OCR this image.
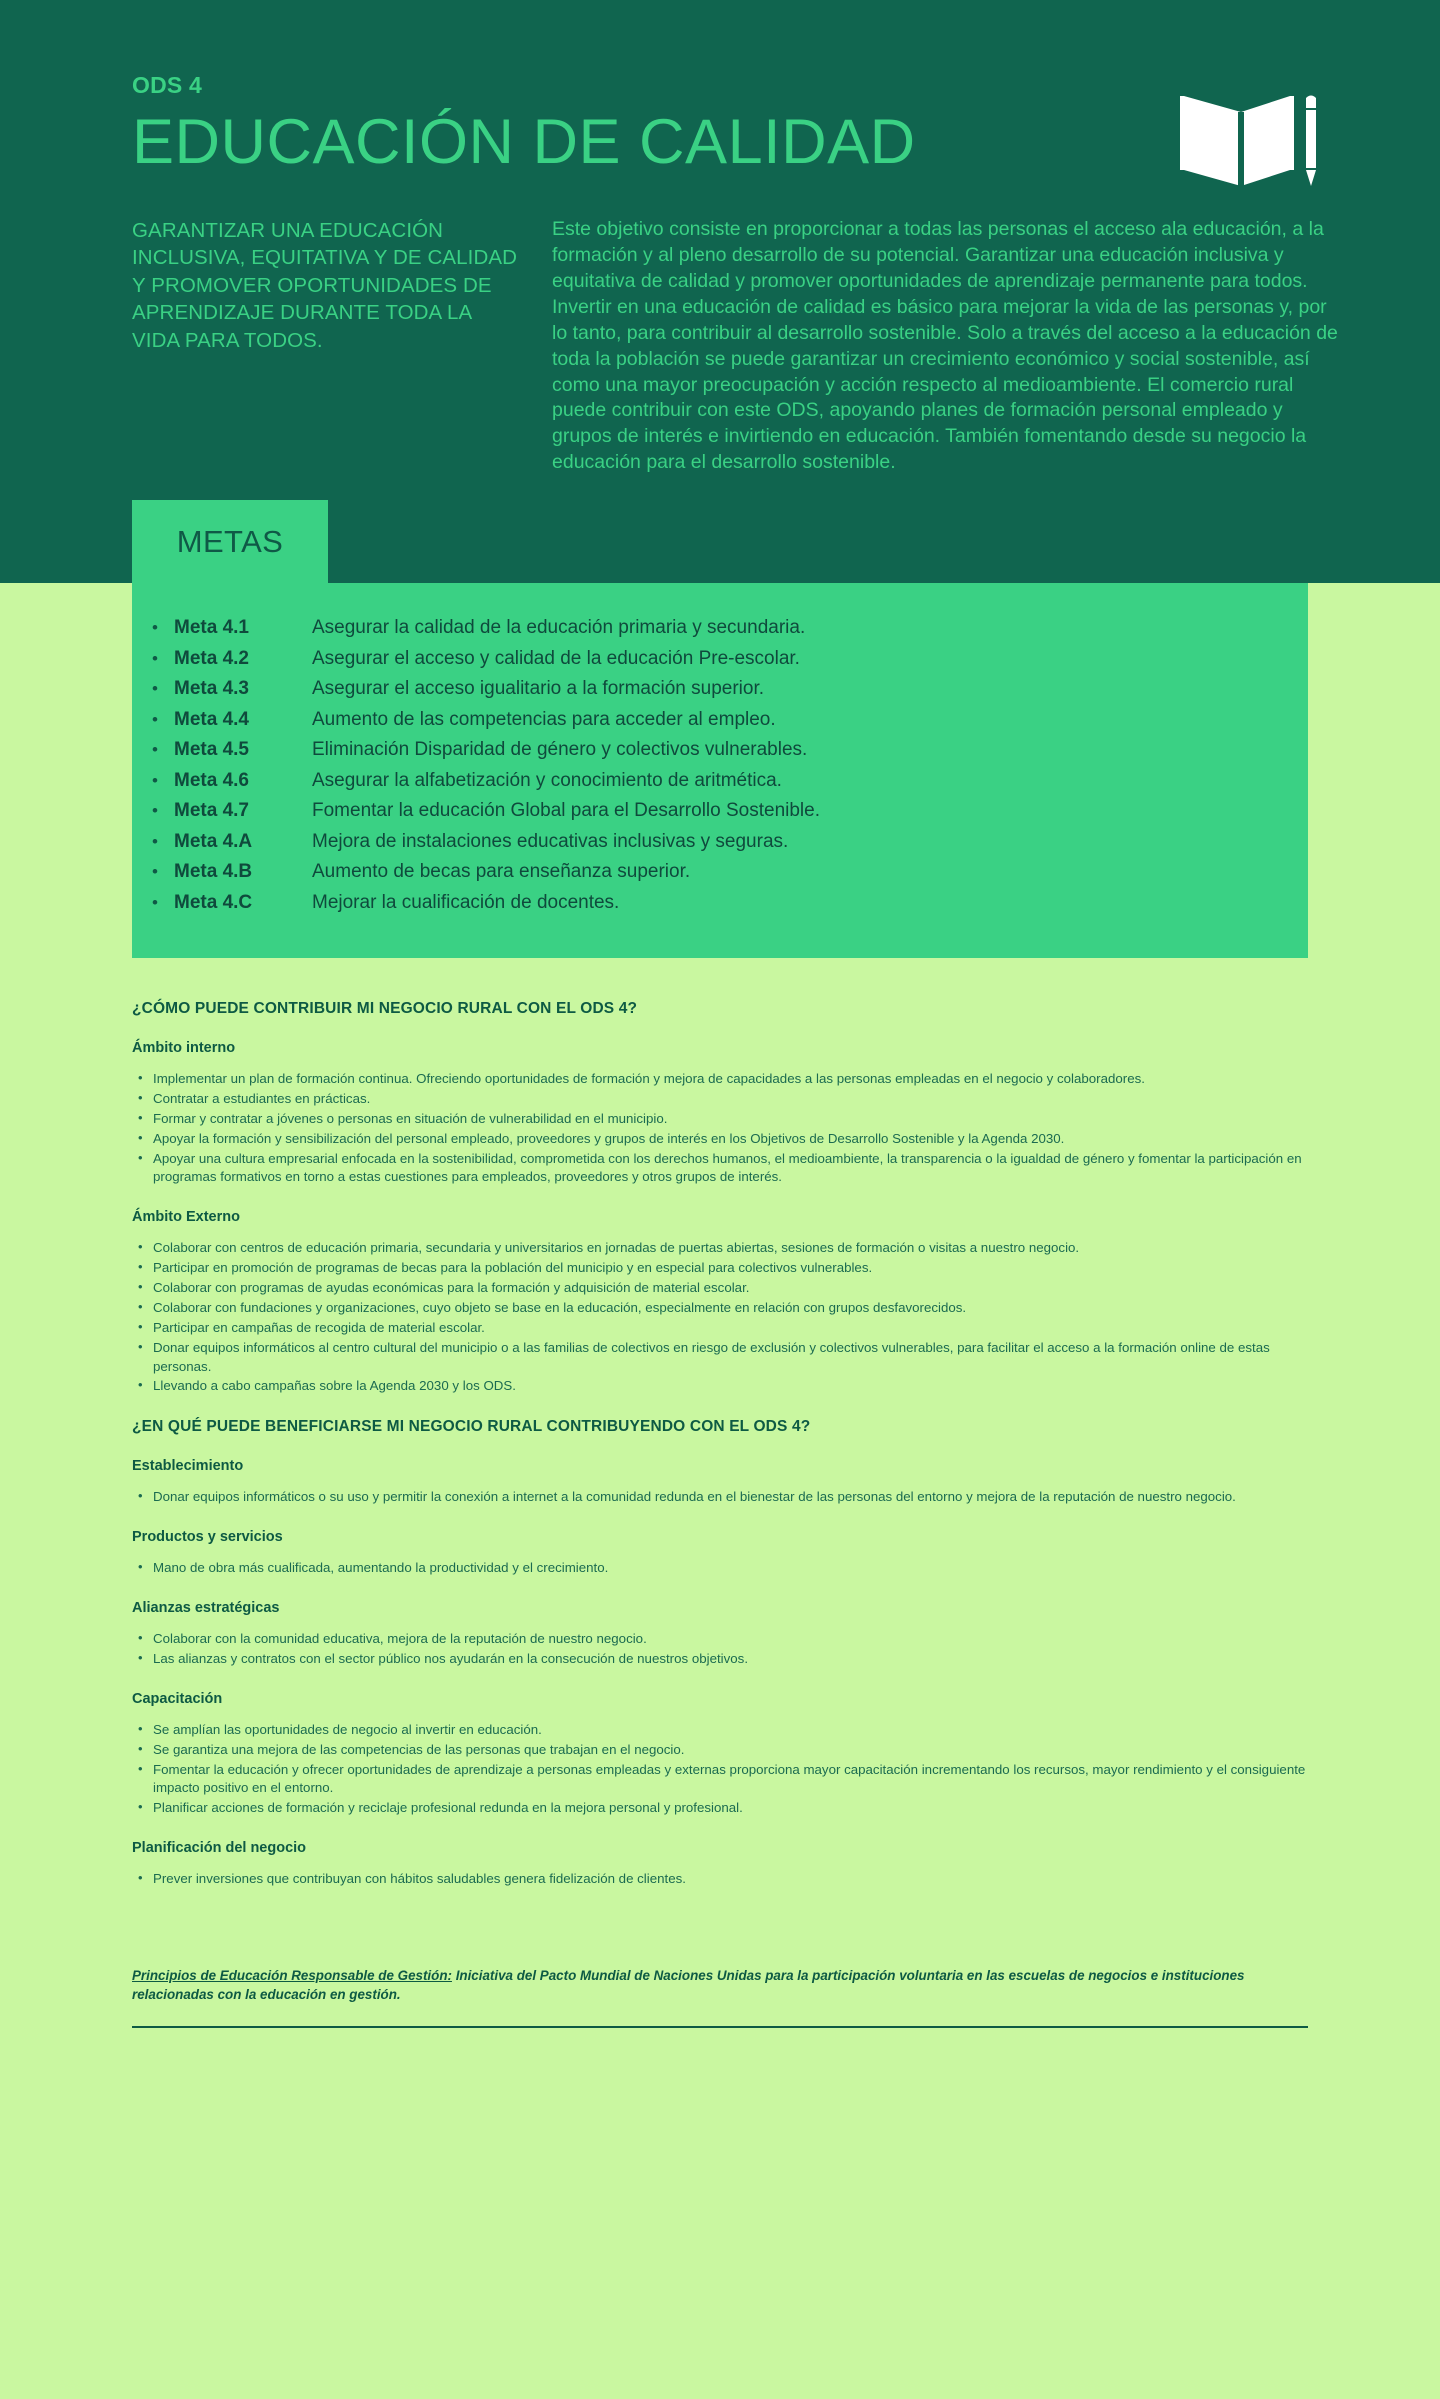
ODS 4
EDUCACIÓN DE CALIDAD

GARANTIZAR UNA EDUCACIÓN INCLUSIVA, EQUITATIVA Y DE CALIDAD Y PROMOVER OPORTUNIDADES DE APRENDIZAJE DURANTE TODA LA VIDA PARA TODOS.

Este objetivo consiste en proporcionar a todas las personas el acceso ala educación, a la formación y al pleno desarrollo de su potencial. Garantizar una educación inclusiva y equitativa de calidad y promover oportunidades de aprendizaje permanente para todos. Invertir en una educación de calidad es básico para mejorar la vida de las personas y, por lo tanto, para contribuir al desarrollo sostenible. Solo a través del acceso a la educación de toda la población se puede garantizar un crecimiento económico y social sostenible, así como una mayor preocupación y acción respecto al medioambiente. El comercio rural puede contribuir con este ODS, apoyando planes de formación personal empleado y grupos de interés e invirtiendo en educación. También fomentando desde su negocio la educación para el desarrollo sostenible.

METAS
• Meta 4.1	Asegurar la calidad de la educación primaria y secundaria.
• Meta 4.2	Asegurar el acceso y calidad de la educación Pre-escolar.
• Meta 4.3	Asegurar el acceso igualitario a la formación superior.
• Meta 4.4	Aumento de las competencias para acceder al empleo.
• Meta 4.5	Eliminación Disparidad de género y colectivos vulnerables.
• Meta 4.6	Asegurar la alfabetización y conocimiento de aritmética.
• Meta 4.7	Fomentar la educación Global para el Desarrollo Sostenible.
• Meta 4.A	Mejora de instalaciones educativas inclusivas y seguras.
• Meta 4.B	Aumento de becas para enseñanza superior.
• Meta 4.C	Mejorar la cualificación de docentes.
¿CÓMO PUEDE CONTRIBUIR MI NEGOCIO RURAL CON EL ODS 4?
Ámbito interno
• Implementar un plan de formación continua. Ofreciendo oportunidades de formación y mejora de capacidades a las personas empleadas en el negocio y colaboradores.
• Contratar a estudiantes en prácticas.
• Formar y contratar a jóvenes o personas en situación de vulnerabilidad en el municipio.
• Apoyar la formación y sensibilización del personal empleado, proveedores y grupos de interés en los Objetivos de Desarrollo Sostenible y la Agenda 2030.
• Apoyar una cultura empresarial enfocada en la sostenibilidad, comprometida con los derechos humanos, el medioambiente, la transparencia o la igualdad de género y fomentar la participación en programas formativos en torno a estas cuestiones para empleados, proveedores y otros grupos de interés.
Ámbito Externo
• Colaborar con centros de educación primaria, secundaria y universitarios en jornadas de puertas abiertas, sesiones de formación o visitas a nuestro negocio.
• Participar en promoción de programas de becas para la población del municipio y en especial para colectivos vulnerables.
• Colaborar con programas de ayudas económicas para la formación y adquisición de material escolar.
• Colaborar con fundaciones y organizaciones, cuyo objeto se base en la educación, especialmente en relación con grupos desfavorecidos.
• Participar en campañas de recogida de material escolar.
• Donar equipos informáticos al centro cultural del municipio o a las familias de colectivos en riesgo de exclusión y colectivos vulnerables, para facilitar el acceso a la formación online de estas personas.
• Llevando a cabo campañas sobre la Agenda 2030 y los ODS.
¿EN QUÉ PUEDE BENEFICIARSE MI NEGOCIO RURAL CONTRIBUYENDO CON EL ODS 4?
Establecimiento
• Donar equipos informáticos o su uso y permitir la conexión a internet a la comunidad redunda en el bienestar de las personas del entorno y mejora de la reputación de nuestro negocio.
Productos y servicios
• Mano de obra más cualificada, aumentando la productividad y el crecimiento.
Alianzas estratégicas
• Colaborar con la comunidad educativa, mejora de la reputación de nuestro negocio.
• Las alianzas y contratos con el sector público nos ayudarán en la consecución de nuestros objetivos.
Capacitación
• Se amplían las oportunidades de negocio al invertir en educación.
• Se garantiza una mejora de las competencias de las personas que trabajan en el negocio.
• Fomentar la educación y ofrecer oportunidades de aprendizaje a personas empleadas y externas proporciona mayor capacitación incrementando los recursos, mayor rendimiento y el consiguiente impacto positivo en el entorno.
• Planificar acciones de formación y reciclaje profesional redunda en la mejora personal y profesional.
Planificación del negocio
• Prever inversiones que contribuyan con hábitos saludables genera fidelización de clientes.

Principios de Educación Responsable de Gestión: Iniciativa del Pacto Mundial de Naciones Unidas para la participación voluntaria en las escuelas de negocios e instituciones relacionadas con la educación en gestión.
